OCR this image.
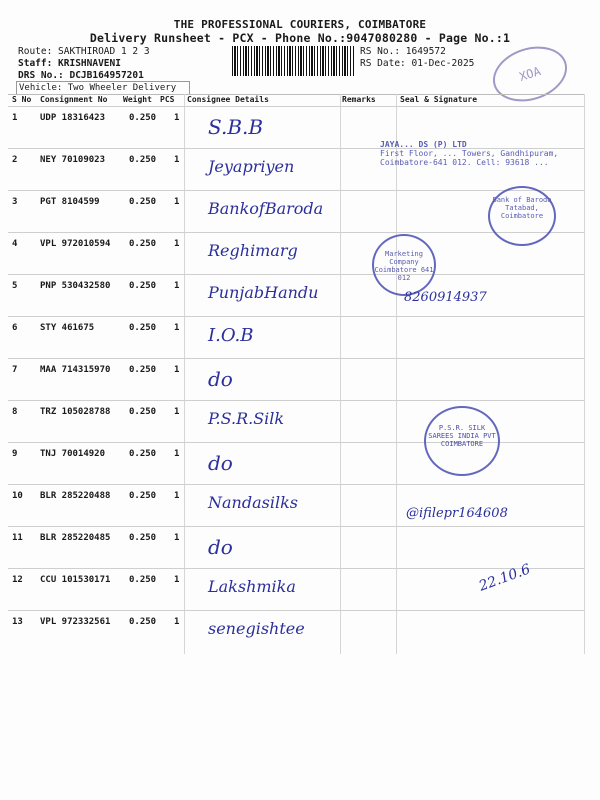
THE PROFESSIONAL COURIERS, COIMBATORE
Delivery Runsheet - PCX - Phone No.:9047080280 - Page No.:1
Route: SAKTHIROAD 1 2 3
Staff: KRISHNAVENI
DRS No.: DCJB164957201
Vehicle: Two Wheeler Delivery
RS No.: 1649572
RS Date: 01-Dec-2025
XOA
S No Consignment No Weight PCS Consignee Details	Remarks	Seal & Signature
1	UDP 18316423	0.250 1 S.B.B
2	NEY 70109023	0.250 1 Jeyapriyen
3	PGT 8104599	0.250 1 BankofBaroda
4	VPL 972010594 0.250 1 Reghimarg
5	PNP 530432580 0.250 1 PunjabHandu
6	STY 461675	0.250 1 I.O.B
7	MAA 714315970 0.250 1 do
8	TRZ 105028788 0.250 1 P.S.R.Silk
9	TNJ 70014920	0.250 1 do
10 BLR 285220488 0.250 1 Nandasilks
11 BLR 285220485 0.250 1 do
12 CCU 101530171 0.250 1 Lakshmika
13 VPL 972332561 0.250 1 senegishtee
JAYA... DS (P) LTD
First Floor, ... Towers, Gandhipuram, Coimbatore-641 012. Cell: 93618 ...
Bank of Baroda Tatabad, Coimbatore
Marketing Company Coimbatore 641 012
8260914937
P.S.R. SILK SAREES INDIA PVT COIMBATORE
@ifilepr164608
22.10.6
